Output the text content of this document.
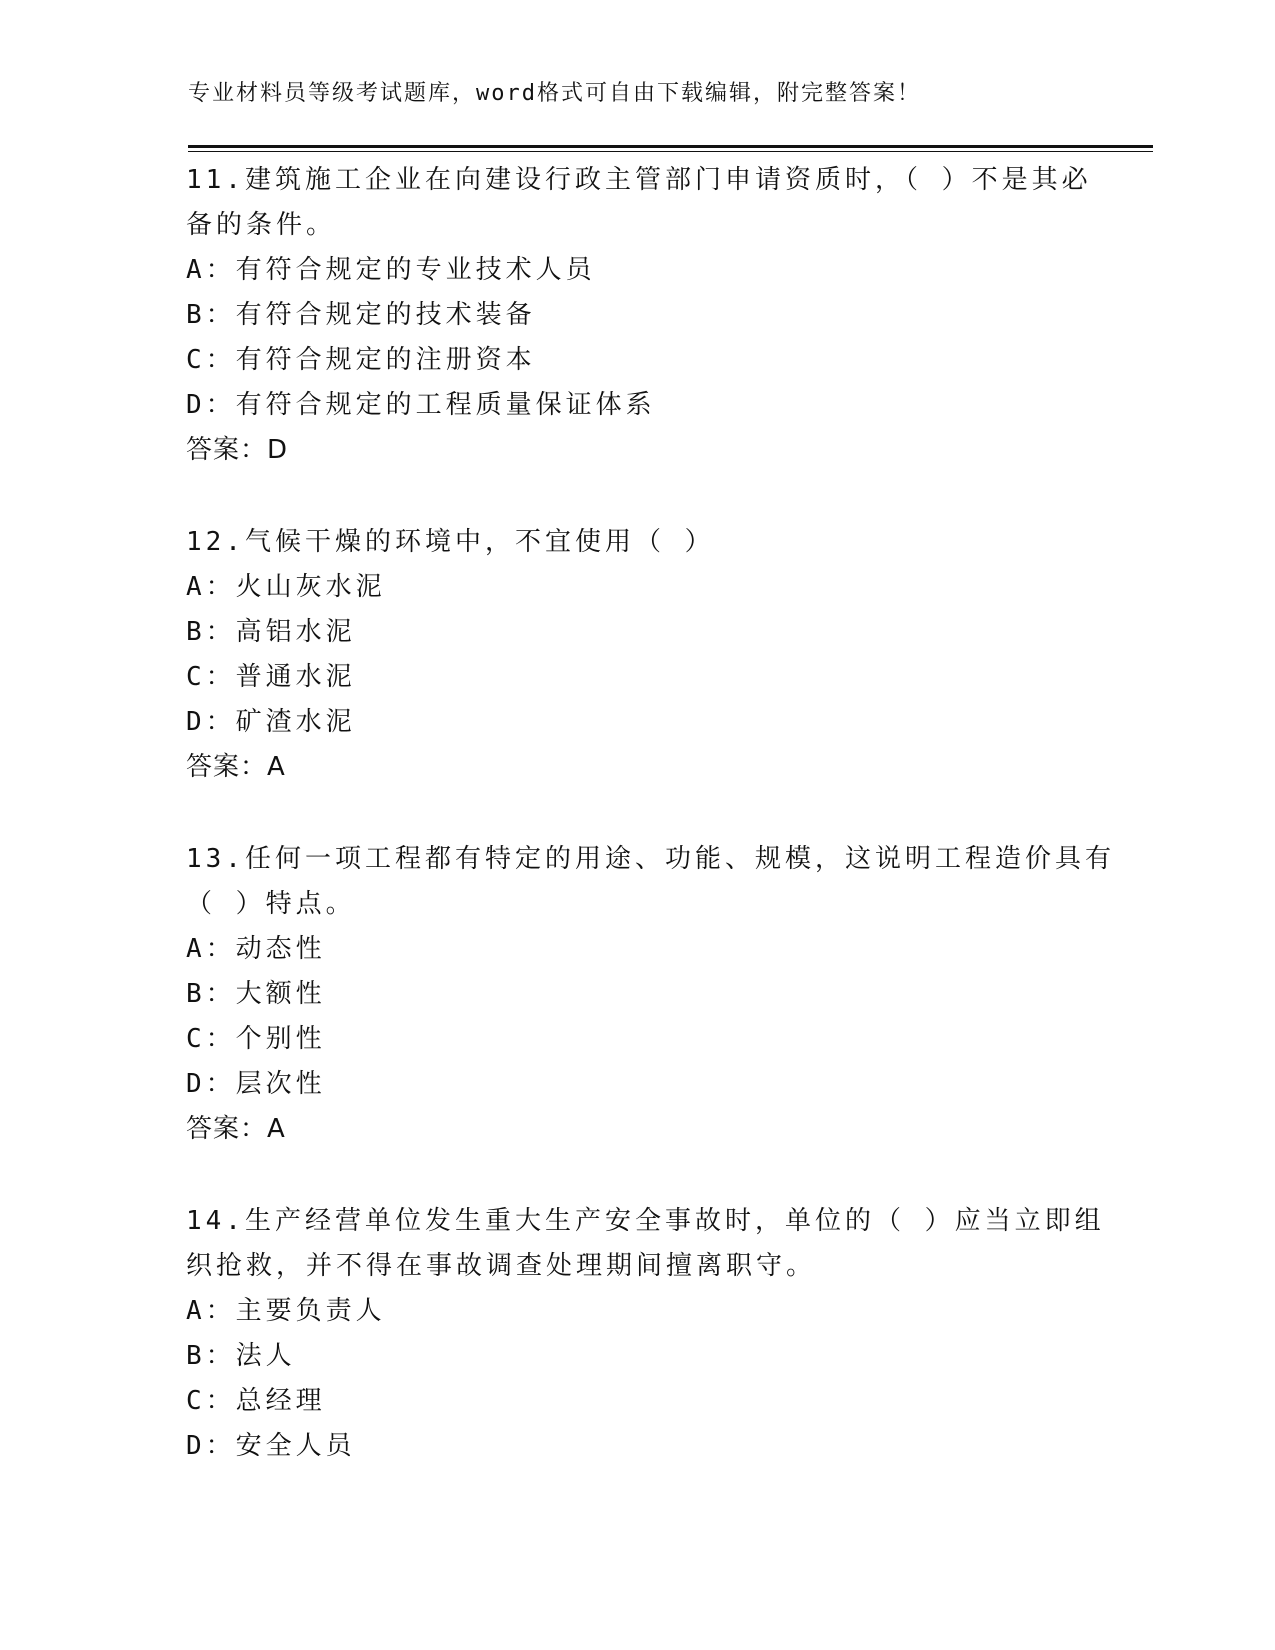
专业材料员等级考试题库，word格式可自由下载编辑，附完整答案！
11.建筑施工企业在向建设行政主管部门申请资质时，（ ）不是其必
备的条件。
A：有符合规定的专业技术人员
B：有符合规定的技术装备
C：有符合规定的注册资本
D：有符合规定的工程质量保证体系
答案：D
12.气候干燥的环境中，不宜使用（ ）
A：火山灰水泥
B：高铝水泥
C：普通水泥
D：矿渣水泥
答案：A
13.任何一项工程都有特定的用途、功能、规模，这说明工程造价具有
（ ）特点。
A：动态性
B：大额性
C：个别性
D：层次性
答案：A
14.生产经营单位发生重大生产安全事故时，单位的（ ）应当立即组
织抢救，并不得在事故调查处理期间擅离职守。
A：主要负责人
B：法人
C：总经理
D：安全人员
